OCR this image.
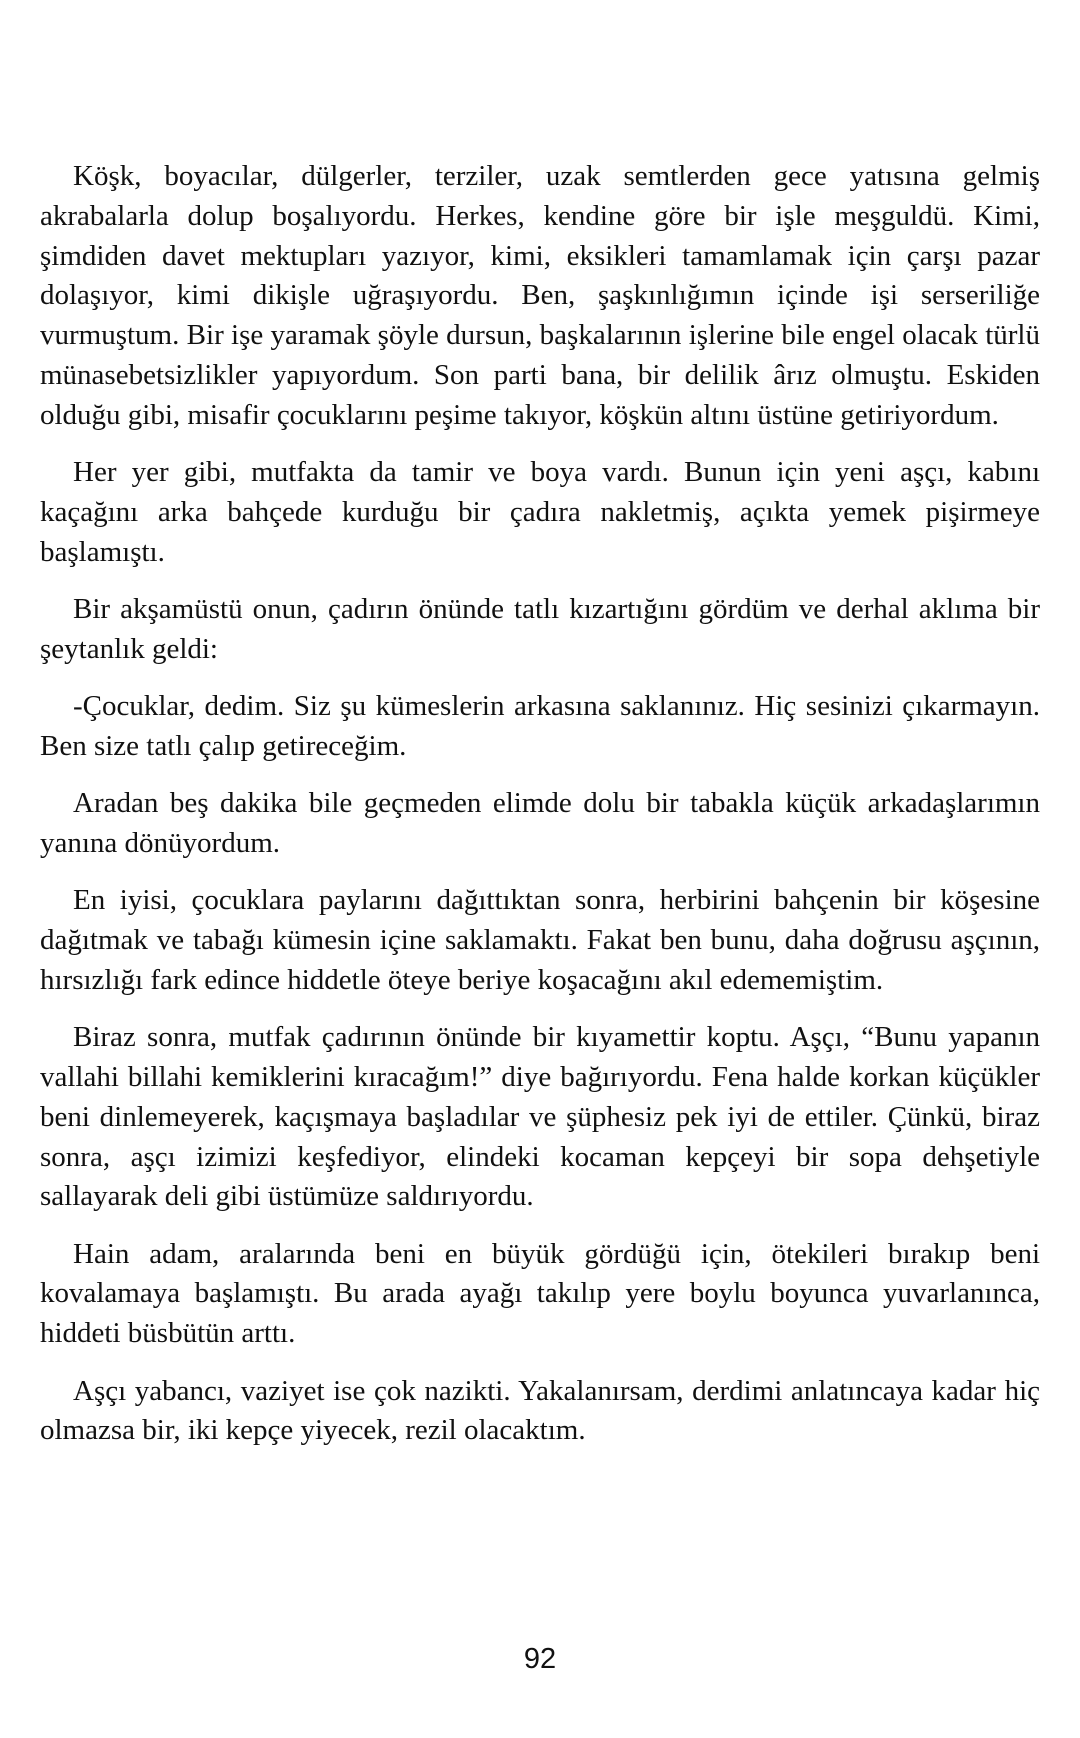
Köşk, boyacılar, dülgerler, terziler, uzak semtlerden gece yatısına gelmiş akrabalarla dolup boşalıyordu. Herkes, kendine göre bir işle meşguldü. Kimi, şimdiden davet mektupları yazıyor, kimi, eksikleri tamamlamak için çarşı pazar dolaşıyor, kimi dikişle uğraşıyordu. Ben, şaşkınlığımın içinde işi serseriliğe vurmuştum. Bir işe yaramak şöyle dursun, başkalarının işlerine bile engel olacak türlü münasebetsizlikler yapıyordum. Son parti bana, bir delilik ârız olmuştu. Eskiden olduğu gibi, misafir çocuklarını peşime takıyor, köşkün altını üstüne getiriyordum.

Her yer gibi, mutfakta da tamir ve boya vardı. Bunun için yeni aşçı, kabını kaçağını arka bahçede kurduğu bir çadıra nakletmiş, açıkta yemek pişirmeye başlamıştı.

Bir akşamüstü onun, çadırın önünde tatlı kızartığını gördüm ve derhal aklıma bir şeytanlık geldi:

-Çocuklar, dedim. Siz şu kümeslerin arkasına saklanınız. Hiç sesinizi çıkarmayın. Ben size tatlı çalıp getireceğim.

Aradan beş dakika bile geçmeden elimde dolu bir tabakla küçük arkadaşlarımın yanına dönüyordum.

En iyisi, çocuklara paylarını dağıttıktan sonra, herbirini bahçenin bir köşesine dağıtmak ve tabağı kümesin içine saklamaktı. Fakat ben bunu, daha doğrusu aşçının, hırsızlığı fark edince hiddetle öteye beriye koşacağını akıl edememiştim.

Biraz sonra, mutfak çadırının önünde bir kıyamettir koptu. Aşçı, “Bunu yapanın vallahi billahi kemiklerini kıracağım!” diye bağırıyordu. Fena halde korkan küçükler beni dinlemeyerek, kaçışmaya başladılar ve şüphesiz pek iyi de ettiler. Çünkü, biraz sonra, aşçı izimizi keşfediyor, elindeki kocaman kepçeyi bir sopa dehşetiyle sallayarak deli gibi üstümüze saldırıyordu.

Hain adam, aralarında beni en büyük gördüğü için, ötekileri bırakıp beni kovalamaya başlamıştı. Bu arada ayağı takılıp yere boylu boyunca yuvarlanınca, hiddeti büsbütün arttı.

Aşçı yabancı, vaziyet ise çok nazikti. Yakalanırsam, derdimi anlatıncaya kadar hiç olmazsa bir, iki kepçe yiyecek, rezil olacaktım.

92
